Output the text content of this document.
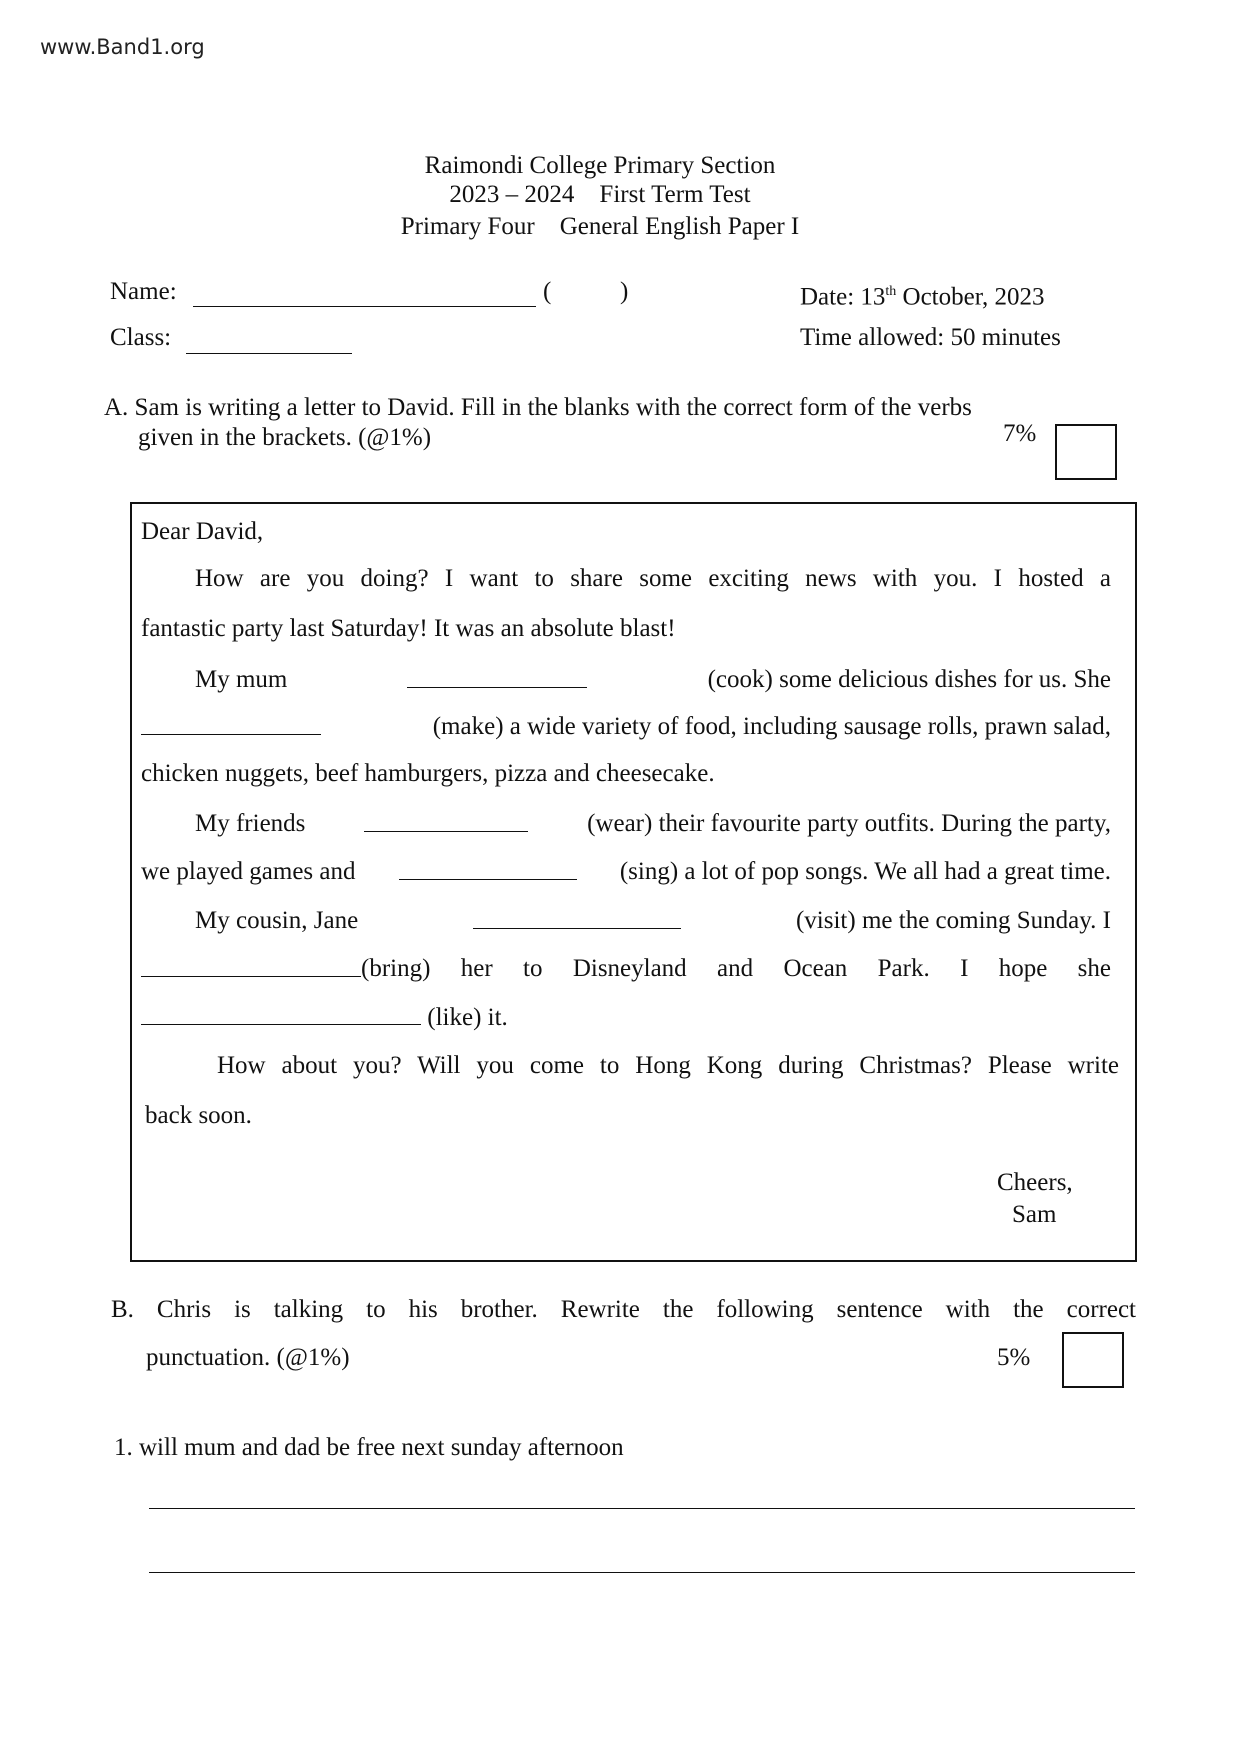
www.Band1.org
Raimondi College Primary Section
2023 – 2024 First Term Test
Primary Four General English Paper I
Name:	(	)	Date: 13th October, 2023
Class:	Time allowed: 50 minutes
A. Sam is writing a letter to David. Fill in the blanks with the correct form of the verbs
given in the brackets. (@1%)	7%
Dear David,
How are you doing? I want to share some exciting news with you. I hosted a
fantastic party last Saturday! It was an absolute blast!
My mum	(cook) some delicious dishes for us. She
(make) a wide variety of food, including sausage rolls, prawn salad,
chicken nuggets, beef hamburgers, pizza and cheesecake.
My friends	(wear) their favourite party outfits. During the party,
we played games and	(sing) a lot of pop songs. We all had a great time.
My cousin, Jane	(visit) me the coming Sunday. I
(bring) her to Disneyland and Ocean Park. I hope she
(like) it.
How about you? Will you come to Hong Kong during Christmas? Please write
back soon.
Cheers,
Sam
B. Chris is talking to his brother. Rewrite the following sentence with the correct
punctuation. (@1%)	5%
1. will mum and dad be free next sunday afternoon
